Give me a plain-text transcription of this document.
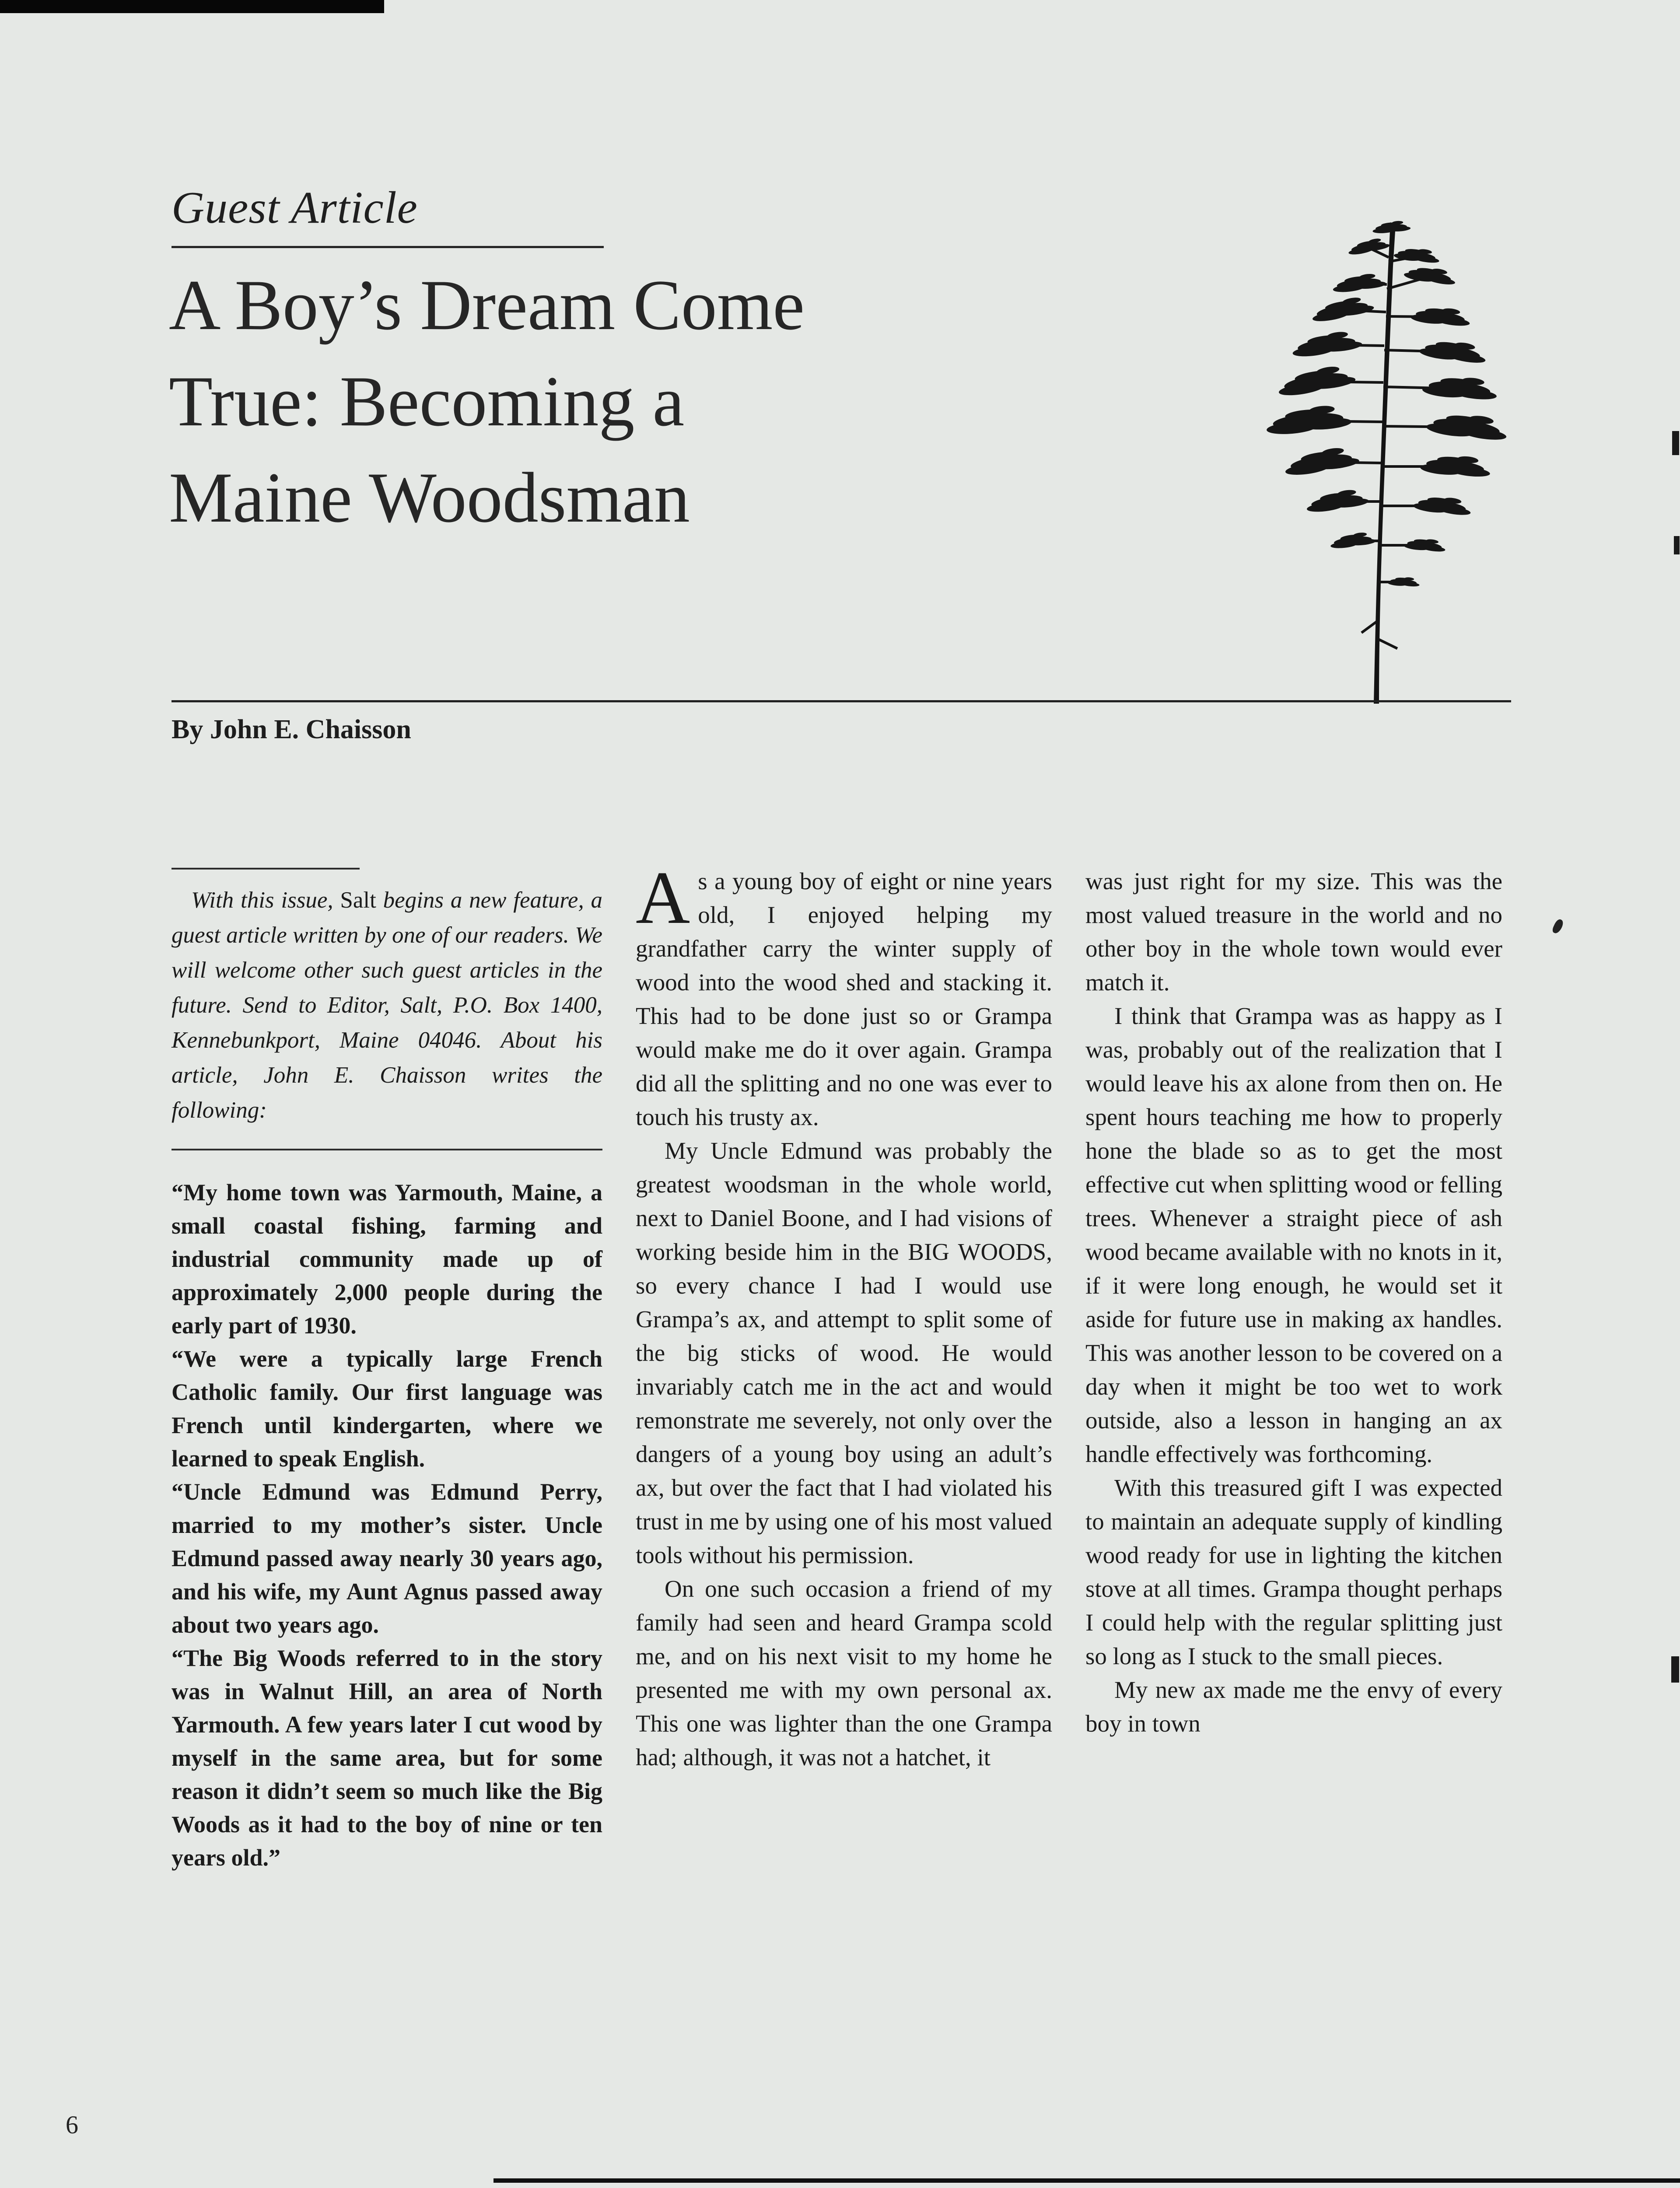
Guest Article
A Boy’s Dream Come
True: Becoming a
Maine Woodsman
By John E. Chaisson

With this issue, Salt begins a new feature, a guest article written by one of our readers. We will welcome other such guest articles in the future. Send to Editor, Salt, P.O. Box 1400, Kennebunkport, Maine 04046. About his article, John E. Chaisson writes the following:

“My home town was Yarmouth, Maine, a small coastal fishing, farming and industrial community made up of approximately 2,000 people during the early part of 1930.

“We were a typically large French Catholic family. Our first language was French until kindergarten, where we learned to speak English.

“Uncle Edmund was Edmund Perry, married to my mother’s sister. Uncle Edmund passed away nearly 30 years ago, and his wife, my Aunt Agnus passed away about two years ago.

“The Big Woods referred to in the story was in Walnut Hill, an area of North Yarmouth. A few years later I cut wood by myself in the same area, but for some reason it didn’t seem so much like the Big Woods as it had to the boy of nine or ten years old.”

As a young boy of eight or nine years old, I enjoyed helping my grandfather carry the winter supply of wood into the wood shed and stacking it. This had to be done just so or Grampa would make me do it over again. Grampa did all the splitting and no one was ever to touch his trusty ax.

My Uncle Edmund was probably the greatest woodsman in the whole world, next to Daniel Boone, and I had visions of working beside him in the BIG WOODS, so every chance I had I would use Grampa’s ax, and attempt to split some of the big sticks of wood. He would invariably catch me in the act and would remonstrate me severely, not only over the dangers of a young boy using an adult’s ax, but over the fact that I had violated his trust in me by using one of his most valued tools without his permission.

On one such occasion a friend of my family had seen and heard Grampa scold me, and on his next visit to my home he presented me with my own personal ax. This one was lighter than the one Grampa had; although, it was not a hatchet, it

was just right for my size. This was the most valued treasure in the world and no other boy in the whole town would ever match it.

I think that Grampa was as happy as I was, probably out of the realization that I would leave his ax alone from then on. He spent hours teaching me how to properly hone the blade so as to get the most effective cut when splitting wood or felling trees. Whenever a straight piece of ash wood became available with no knots in it, if it were long enough, he would set it aside for future use in making ax handles. This was another lesson to be covered on a day when it might be too wet to work outside, also a lesson in hanging an ax handle effectively was forthcoming.

With this treasured gift I was expected to maintain an adequate supply of kindling wood ready for use in lighting the kitchen stove at all times. Grampa thought perhaps I could help with the regular splitting just so long as I stuck to the small pieces.

My new ax made me the envy of every boy in town

6
